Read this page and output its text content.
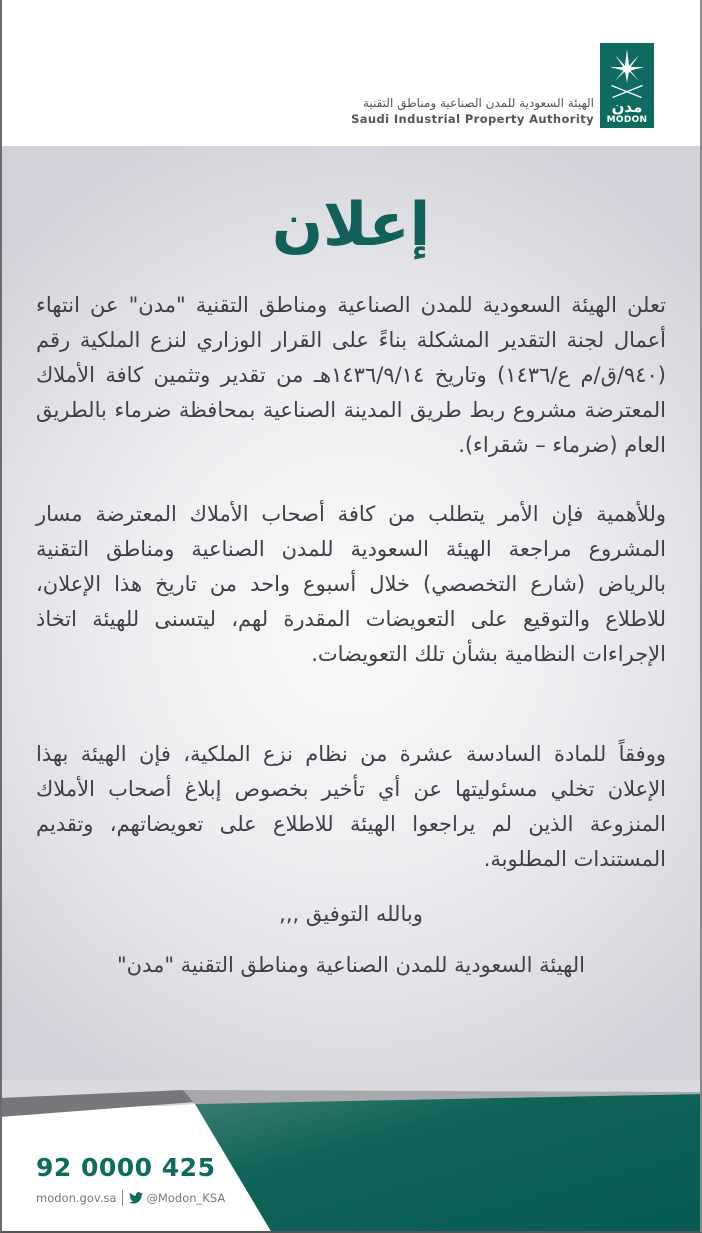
مدن
MODON
الهيئة السعودية للمدن الصناعية ومناطق التقنية
Saudi Industrial Property Authority
إعلان
تعلن الهيئة السعودية للمدن الصناعية ومناطق التقنية "مدن" عن انتهاء أعمال لجنة التقدير المشكلة بناءً على القرار الوزاري لنزع الملكية رقم (٩٤٠/ق/م ع/١٤٣٦) وتاريخ ١٤٣٦/٩/١٤هـ من تقدير وتثمين كافة الأملاك المعترضة مشروع ربط طريق المدينة الصناعية بمحافظة ضرماء بالطريق العام (ضرماء – شقراء).
وللأهمية فإن الأمر يتطلب من كافة أصحاب الأملاك المعترضة مسار المشروع مراجعة الهيئة السعودية للمدن الصناعية ومناطق التقنية بالرياض (شارع التخصصي) خلال أسبوع واحد من تاريخ هذا الإعلان، للاطلاع والتوقيع على التعويضات المقدرة لهم، ليتسنى للهيئة اتخاذ الإجراءات النظامية بشأن تلك التعويضات.
ووفقاً للمادة السادسة عشرة من نظام نزع الملكية، فإن الهيئة بهذا الإعلان تخلي مسئوليتها عن أي تأخير بخصوص إبلاغ أصحاب الأملاك المنزوعة الذين لم يراجعوا الهيئة للاطلاع على تعويضاتهم، وتقديم المستندات المطلوبة.
وبالله التوفيق ,,,
الهيئة السعودية للمدن الصناعية ومناطق التقنية "مدن"
92 0000 425
modon.gov.sa	@Modon_KSA
